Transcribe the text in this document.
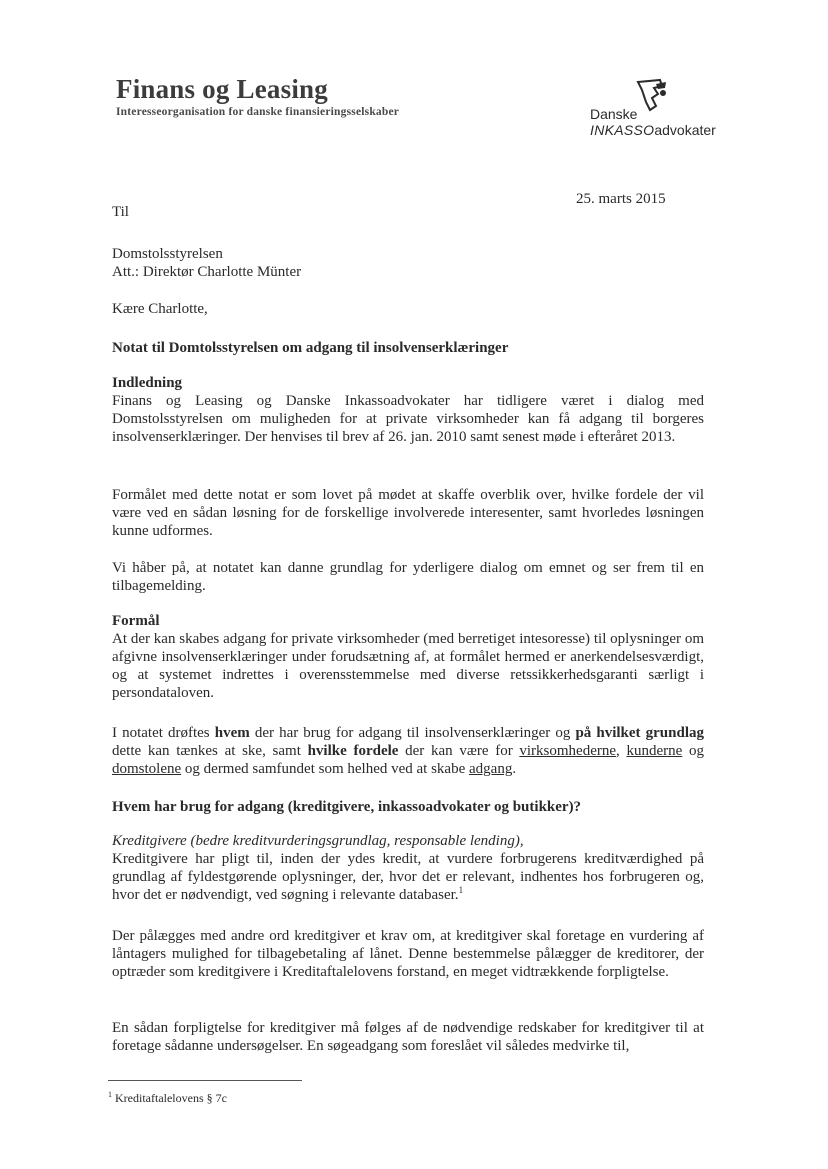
Finans og Leasing
Interesseorganisation for danske finansieringsselskaber	Danske
INKASSOadvokater
25. marts 2015
Til
Domstolsstyrelsen
Att.: Direktør Charlotte Münter
Kære Charlotte,
Notat til Domtolsstyrelsen om adgang til insolvenserklæringer
Indledning
Finans og Leasing og Danske Inkassoadvokater har tidligere været i dialog med Domstolsstyrelsen om muligheden for at private virksomheder kan få adgang til borgeres insolvenserklæringer. Der henvises til brev af 26. jan. 2010 samt senest møde i efteråret 2013.
Formålet med dette notat er som lovet på mødet at skaffe overblik over, hvilke fordele der vil være ved en sådan løsning for de forskellige involverede interesenter, samt hvorledes løsningen kunne udformes.
Vi håber på, at notatet kan danne grundlag for yderligere dialog om emnet og ser frem til en tilbagemelding.
Formål
At der kan skabes adgang for private virksomheder (med berretiget intesoresse) til oplysninger om afgivne insolvenserklæringer under forudsætning af, at formålet hermed er anerkendelsesværdigt, og at systemet indrettes i overensstemmelse med diverse retssikkerhedsgaranti særligt i persondataloven.
I notatet drøftes hvem der har brug for adgang til insolvenserklæringer og på hvilket grundlag dette kan tænkes at ske, samt hvilke fordele der kan være for virksomhederne, kunderne og domstolene og dermed samfundet som helhed ved at skabe adgang.
Hvem har brug for adgang (kreditgivere, inkassoadvokater og butikker)?
Kreditgivere (bedre kreditvurderingsgrundlag, responsable lending),
Kreditgivere har pligt til, inden der ydes kredit, at vurdere forbrugerens kreditværdighed på grundlag af fyldestgørende oplysninger, der, hvor det er relevant, indhentes hos forbrugeren og, hvor det er nødvendigt, ved søgning i relevante databaser.$^1$
Der pålægges med andre ord kreditgiver et krav om, at kreditgiver skal foretage en vurdering af låntagers mulighed for tilbagebetaling af lånet. Denne bestemmelse pålægger de kreditorer, der optræder som kreditgivere i Kreditaftalelovens forstand, en meget vidtrækkende forpligtelse.
En sådan forpligtelse for kreditgiver må følges af de nødvendige redskaber for kreditgiver til at foretage sådanne undersøgelser. En søgeadgang som foreslået vil således medvirke til,
$^1$ Kreditaftalelovens § 7c
